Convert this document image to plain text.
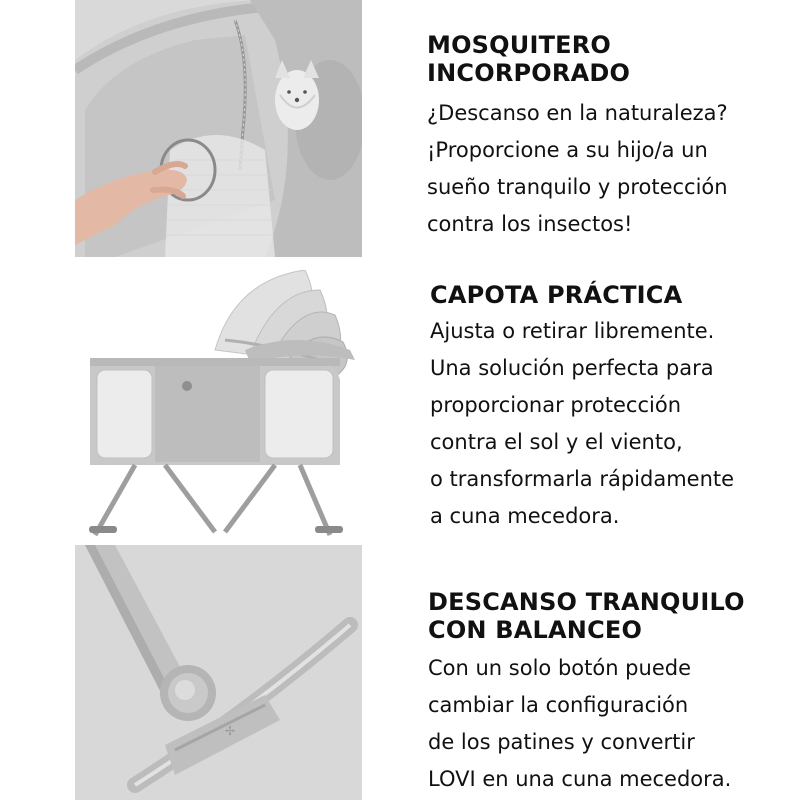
✢
MOSQUITERO
INCORPORADO
¿Descanso en la naturaleza?
¡Proporcione a su hijo/a un
sueño tranquilo y protección
contra los insectos!
CAPOTA PRÁCTICA
Ajusta o retirar libremente.
Una solución perfecta para
proporcionar protección
contra el sol y el viento,
o transformarla rápidamente
a cuna mecedora.
DESCANSO TRANQUILO
CON BALANCEO
Con un solo botón puede
cambiar la configuración
de los patines y convertir
LOVI en una cuna mecedora.
